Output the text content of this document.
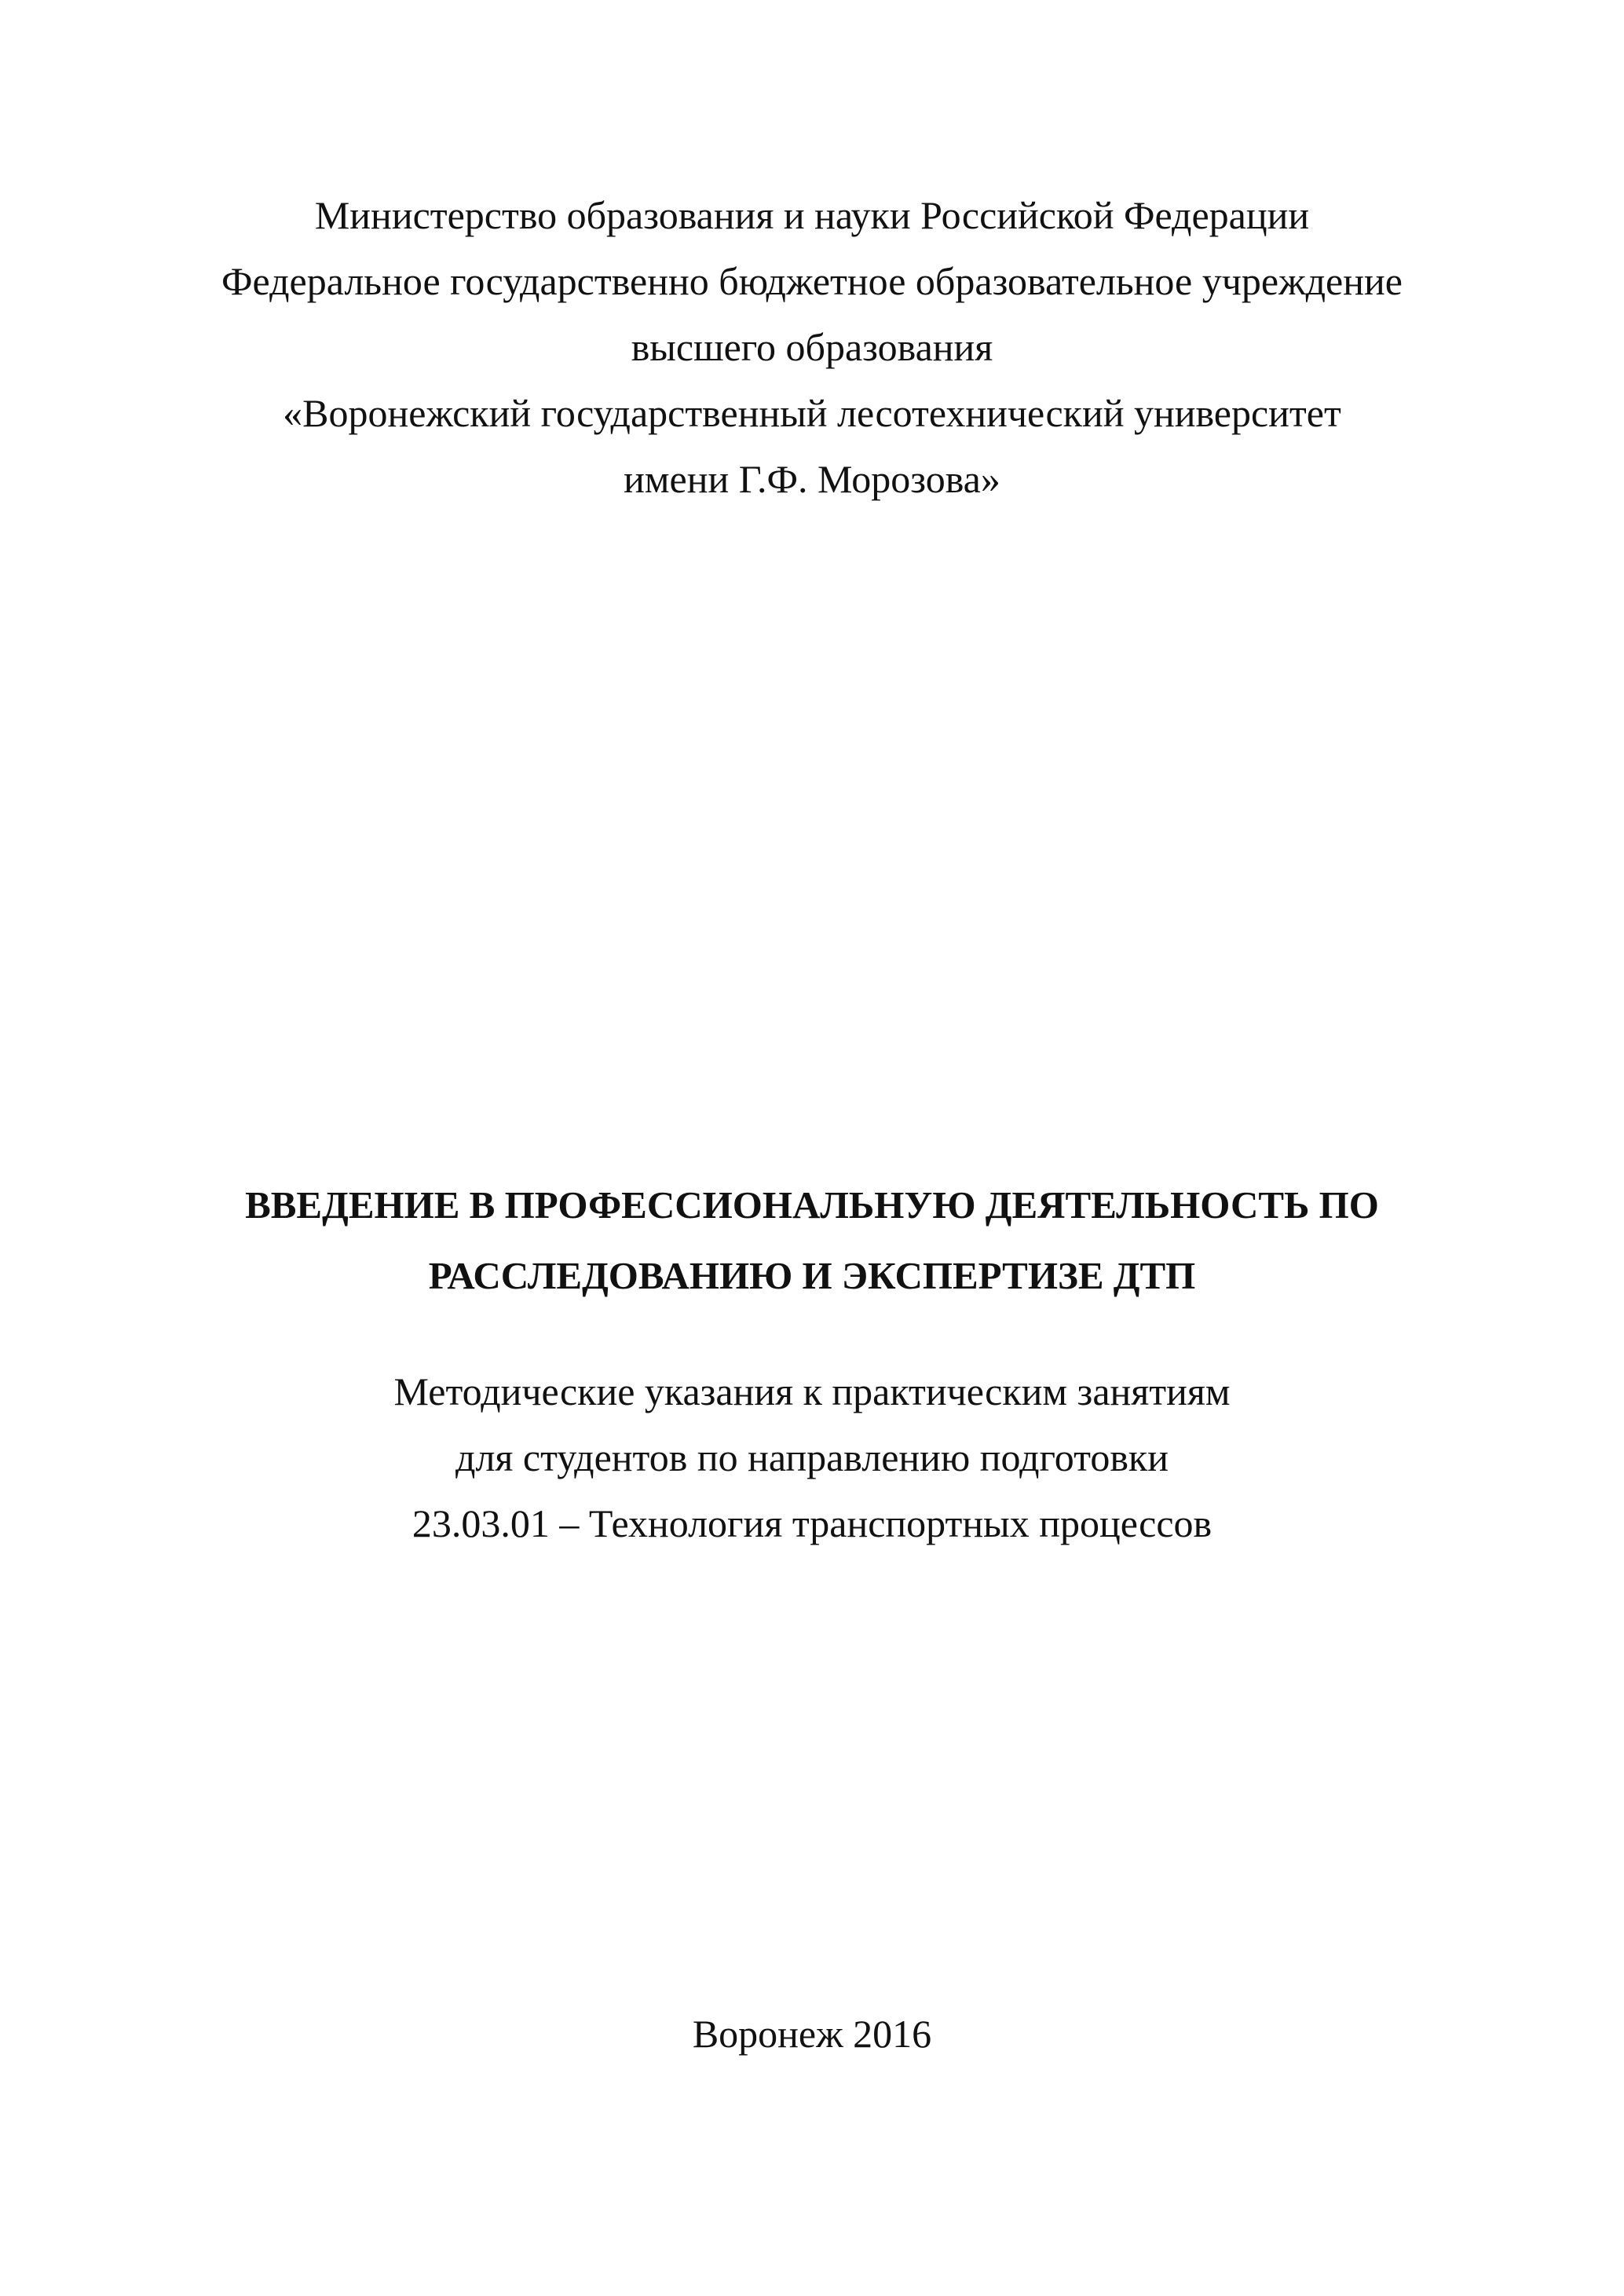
Министерство образования и науки Российской Федерации
Федеральное государственно бюджетное образовательное учреждение
высшего образования
«Воронежский государственный лесотехнический университет
имени Г.Ф. Морозова»
ВВЕДЕНИЕ В ПРОФЕССИОНАЛЬНУЮ ДЕЯТЕЛЬНОСТЬ ПО
РАССЛЕДОВАНИЮ И ЭКСПЕРТИЗЕ ДТП
Методические указания к практическим занятиям
для студентов по направлению подготовки
23.03.01 – Технология транспортных процессов
Воронеж 2016
